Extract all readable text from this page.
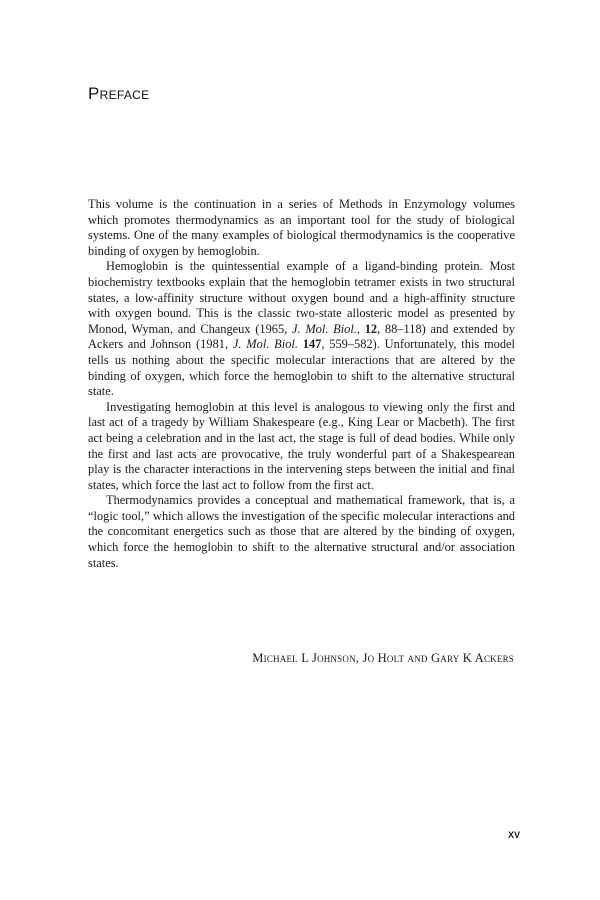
Preface

This volume is the continuation in a series of Methods in Enzymology volumes which promotes thermodynamics as an important tool for the study of biological systems. One of the many examples of biological thermodynamics is the cooperative binding of oxygen by hemoglobin.

Hemoglobin is the quintessential example of a ligand-binding protein. Most biochemistry textbooks explain that the hemoglobin tetramer exists in two structural states, a low-affinity structure without oxygen bound and a high-affinity structure with oxygen bound. This is the classic two-state allosteric model as presented by Monod, Wyman, and Changeux (1965, J. Mol. Biol., 12, 88–118) and extended by Ackers and Johnson (1981, J. Mol. Biol. 147, 559–582). Unfortunately, this model tells us nothing about the specific molecular interactions that are altered by the binding of oxygen, which force the hemoglobin to shift to the alternative structural state.

Investigating hemoglobin at this level is analogous to viewing only the first and last act of a tragedy by William Shakespeare (e.g., King Lear or Macbeth). The first act being a celebration and in the last act, the stage is full of dead bodies. While only the first and last acts are provocative, the truly wonderful part of a Shakespearean play is the character interactions in the intervening steps between the initial and final states, which force the last act to follow from the first act.

Thermodynamics provides a conceptual and mathematical framework, that is, a “logic tool,” which allows the investigation of the specific molecular interactions and the concomitant energetics such as those that are altered by the binding of oxygen, which force the hemoglobin to shift to the alternative structural and/or association states.

Michael L Johnson, Jo Holt and Gary K Ackers

xv
